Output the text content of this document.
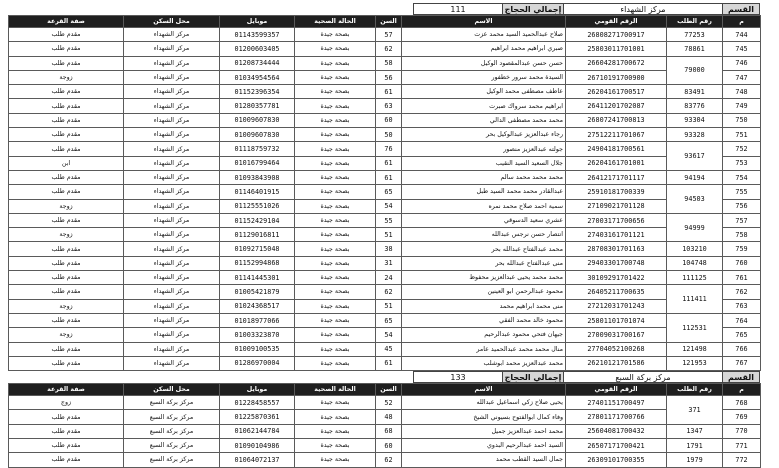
القسم
مركز الشهداء
إجمالي الحجاج
111
م	رقم الطلب	الرقم القومي	الاسم	السن	الحالة الصحية	موبايل	محل السكن	صفة القرعة
744	77253	26808271700917	صلاح عبدالحميد السيد محمد عزت	57	بصحة جيدة	01143599357	مركز الشهداء	مقدم طلب
745	78861	25803011701001	صبري ابراهيم محمد ابراهيم	62	بصحة جيدة	01200603405	مركز الشهداء	مقدم طلب
746	79000	26604281700672	حسن حسن عبدالمقصود الوكيل	58	بصحة جيدة	01208734444	مركز الشهداء	مقدم طلب
747		26710191700900	السيدة محمد سرور خطفور	56	بصحة جيدة	01034954564	مركز الشهداء	زوجة
748	83491	26204161700517	عاطف مصطفى محمد الوكيل	61	بصحة جيدة	01152396354	مركز الشهداء	مقدم طلب
749	83776	26411201702087	ابراهيم محمد سرواك صبرت	63	بصحة جيدة	01280357781	مركز الشهداء	مقدم طلب
750	93304	26807241700813	محمد محمد مصطفى الدالي	60	بصحة جيدة	01009607830	مركز الشهداء	مقدم طلب
751	93328	27512211701067	رجاء عبدالعزيز عبدالوكيل بحر	50	بصحة جيدة	01009607830	مركز الشهداء	مقدم طلب
752	93617	24904181700561	جولته عبدالعزيز منصور	76	بصحة جيدة	01118759732	مركز الشهداء	مقدم طلب
753		26204161701001	جلال السعيد السيد النقيب	61	بصحة جيدة	01016799464	مركز الشهداء	ابن
754	94194	26412171701117	محمد محمد محمد سالم	61	بصحة جيدة	01093843908	مركز الشهداء	مقدم طلب
755	94503	25910181700339	عبدالقادر محمد محمد السيد طبل	65	بصحة جيدة	01146401915	مركز الشهداء	مقدم طلب
756		27109021701128	سمية احمد صلاح محمد نمره	54	بصحة جيدة	01125551026	مركز الشهداء	زوجة
757	94999	27003171700656	عشري سعيد الدسوقي	55	بصحة جيدة	01152429104	مركز الشهداء	مقدم طلب
758		27403161701121	انتصار حسن نرجس عبدالله	51	بصحة جيدة	01129016811	مركز الشهداء	زوجة
759	103210	28708301701163	محمد عبدالفتاح عبدالله بحر	38	بصحة جيدة	01092715048	مركز الشهداء	مقدم طلب
760	104748	29403301700748	منى عبدالفتاح عبدالله بحر	31	بصحة جيدة	01152994868	مركز الشهداء	مقدم طلب
761	111125	30109291701422	محمد محمد يحيى عبدالعزيز محفوظ	24	بصحة جيدة	01141445301	مركز الشهداء	مقدم طلب
762	111411	26405211700635	محمود عبدالرحمن ابو العينين	62	بصحة جيدة	01005421879	مركز الشهداء	مقدم طلب
763		27212031701243	منى محمد ابراهيم محمد	51	بصحة جيدة	01024368517	مركز الشهداء	زوجة
764	112531	25801101701074	محمود خالد محمد الفقي	65	بصحة جيدة	01018977066	مركز الشهداء	مقدم طلب
765		27009031700167	جيهان فتحي محمود عبدالرحيم	54	بصحة جيدة	01003323870	مركز الشهداء	زوجة
766	121498	27704052100268	منال محمد محمد عبدالحميد عامر	45	بصحة جيدة	01009100535	مركز الشهداء	مقدم طلب
767	121953	26210121701586	محمد عبدالعزيز محمد ابوشلب	61	بصحة جيدة	01286970004	مركز الشهداء	مقدم طلب
القسم
مركز بركة السبع
إجمالي الحجاج
133
م	رقم الطلب	الرقم القومي	الاسم	السن	الحالة الصحية	موبايل	محل السكن	صفة القرعة
768	371	27401151700497	يحيى صلاح زكي اسماعيل عبدالله	52	بصحة جيدة	01228458557	مركز بركة السبع	زوج
769		27801171700766	وفاء كمال ابوالفتوح بسيوني الشيخ	48	بصحة جيدة	01225870361	مركز بركة السبع	مقدم طلب
770	1347	25604081700432	محمد احمد عبدالعزيز جميل	68	بصحة جيدة	01062144784	مركز بركة السبع	مقدم طلب
771	1791	26507171700421	السيد احمد عبدالرحيم البدوي	60	بصحة جيدة	01090104986	مركز بركة السبع	مقدم طلب
772	1979	26309101700355	جمال السيد القطب محمد	62	بصحة جيدة	01064072137	مركز بركة السبع	مقدم طلب
